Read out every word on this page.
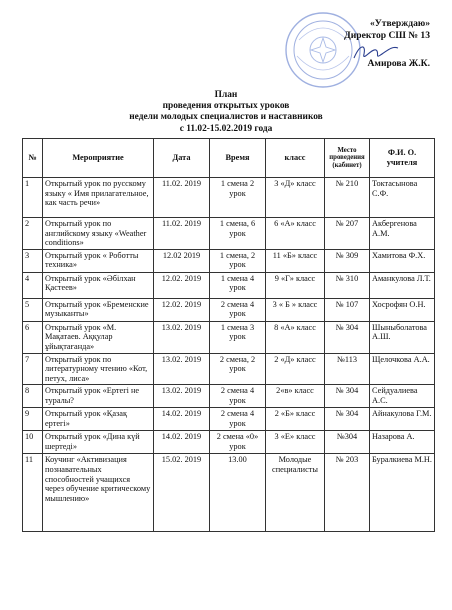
«Утверждаю»
Директор СШ № 13
Амирова Ж.К.
План
проведения открытых уроков
недели молодых специалистов и наставников
с 11.02-15.02.2019 года
№	Мероприятие	Дата	Время	класс	Место проведения (кабинет)	Ф.И. О. учителя
1	Открытый урок по русскому языку « Имя прилагательное, как часть речи»	11.02. 2019	1 смена 2 урок	3 «Д» класс	№ 210	Токтасынова С.Ф.
2	Открытый урок по английскому языку «Weather conditions»	11.02. 2019	1 смена, 6 урок	6 «А» класс	№ 207	Акбергенова А.М.
3	Открытый урок « Роботты техника»	12.02 2019	1 смена, 2 урок	11 «Б» класс	№ 309	Хамитова Ф.Х.
4	Открытый урок «Әбілхан Қастеев»	12.02. 2019	1 смена 4 урок	9 «Г» класс	№ 310	Аманкулова Л.Т.
5	Открытый урок «Бременские музыканты»	12.02. 2019	2 смена 4 урок	3 « Б » класс	№ 107	Хосрофян О.Н.
6	Открытый урок «М. Мақатаев. Аққулар ұйықтағанда»	13.02. 2019	1 смена 3 урок	8 «А» класс	№ 304	Шыныболатова А.Ш.
7	Открытый урок по литературному чтению «Кот, петух, лиса»	13.02. 2019	2 смена, 2 урок	2 «Д» класс	№113	Щелочкова А.А.
8	Открытый урок «Ертегі не туралы?	13.02. 2019	2 смена 4 урок	2«в» класс	№ 304	Сейдуалиева А.С.
9	Открытый урок «Қазақ ертегі»	14.02. 2019	2 смена 4 урок	2 «Б» класс	№ 304	Айнакулова Г.М.
10	Открытый урок «Дина күй шертеді»	14.02. 2019	2 смена «0» урок	3 «Е» класс	№304	Назарова А.
11	Коучинг «Активизация познавательных способностей учащихся через обучение критическому мышлению»	15.02. 2019	13.00	Молодые специалисты	№ 203	Буралкиева М.Н.
